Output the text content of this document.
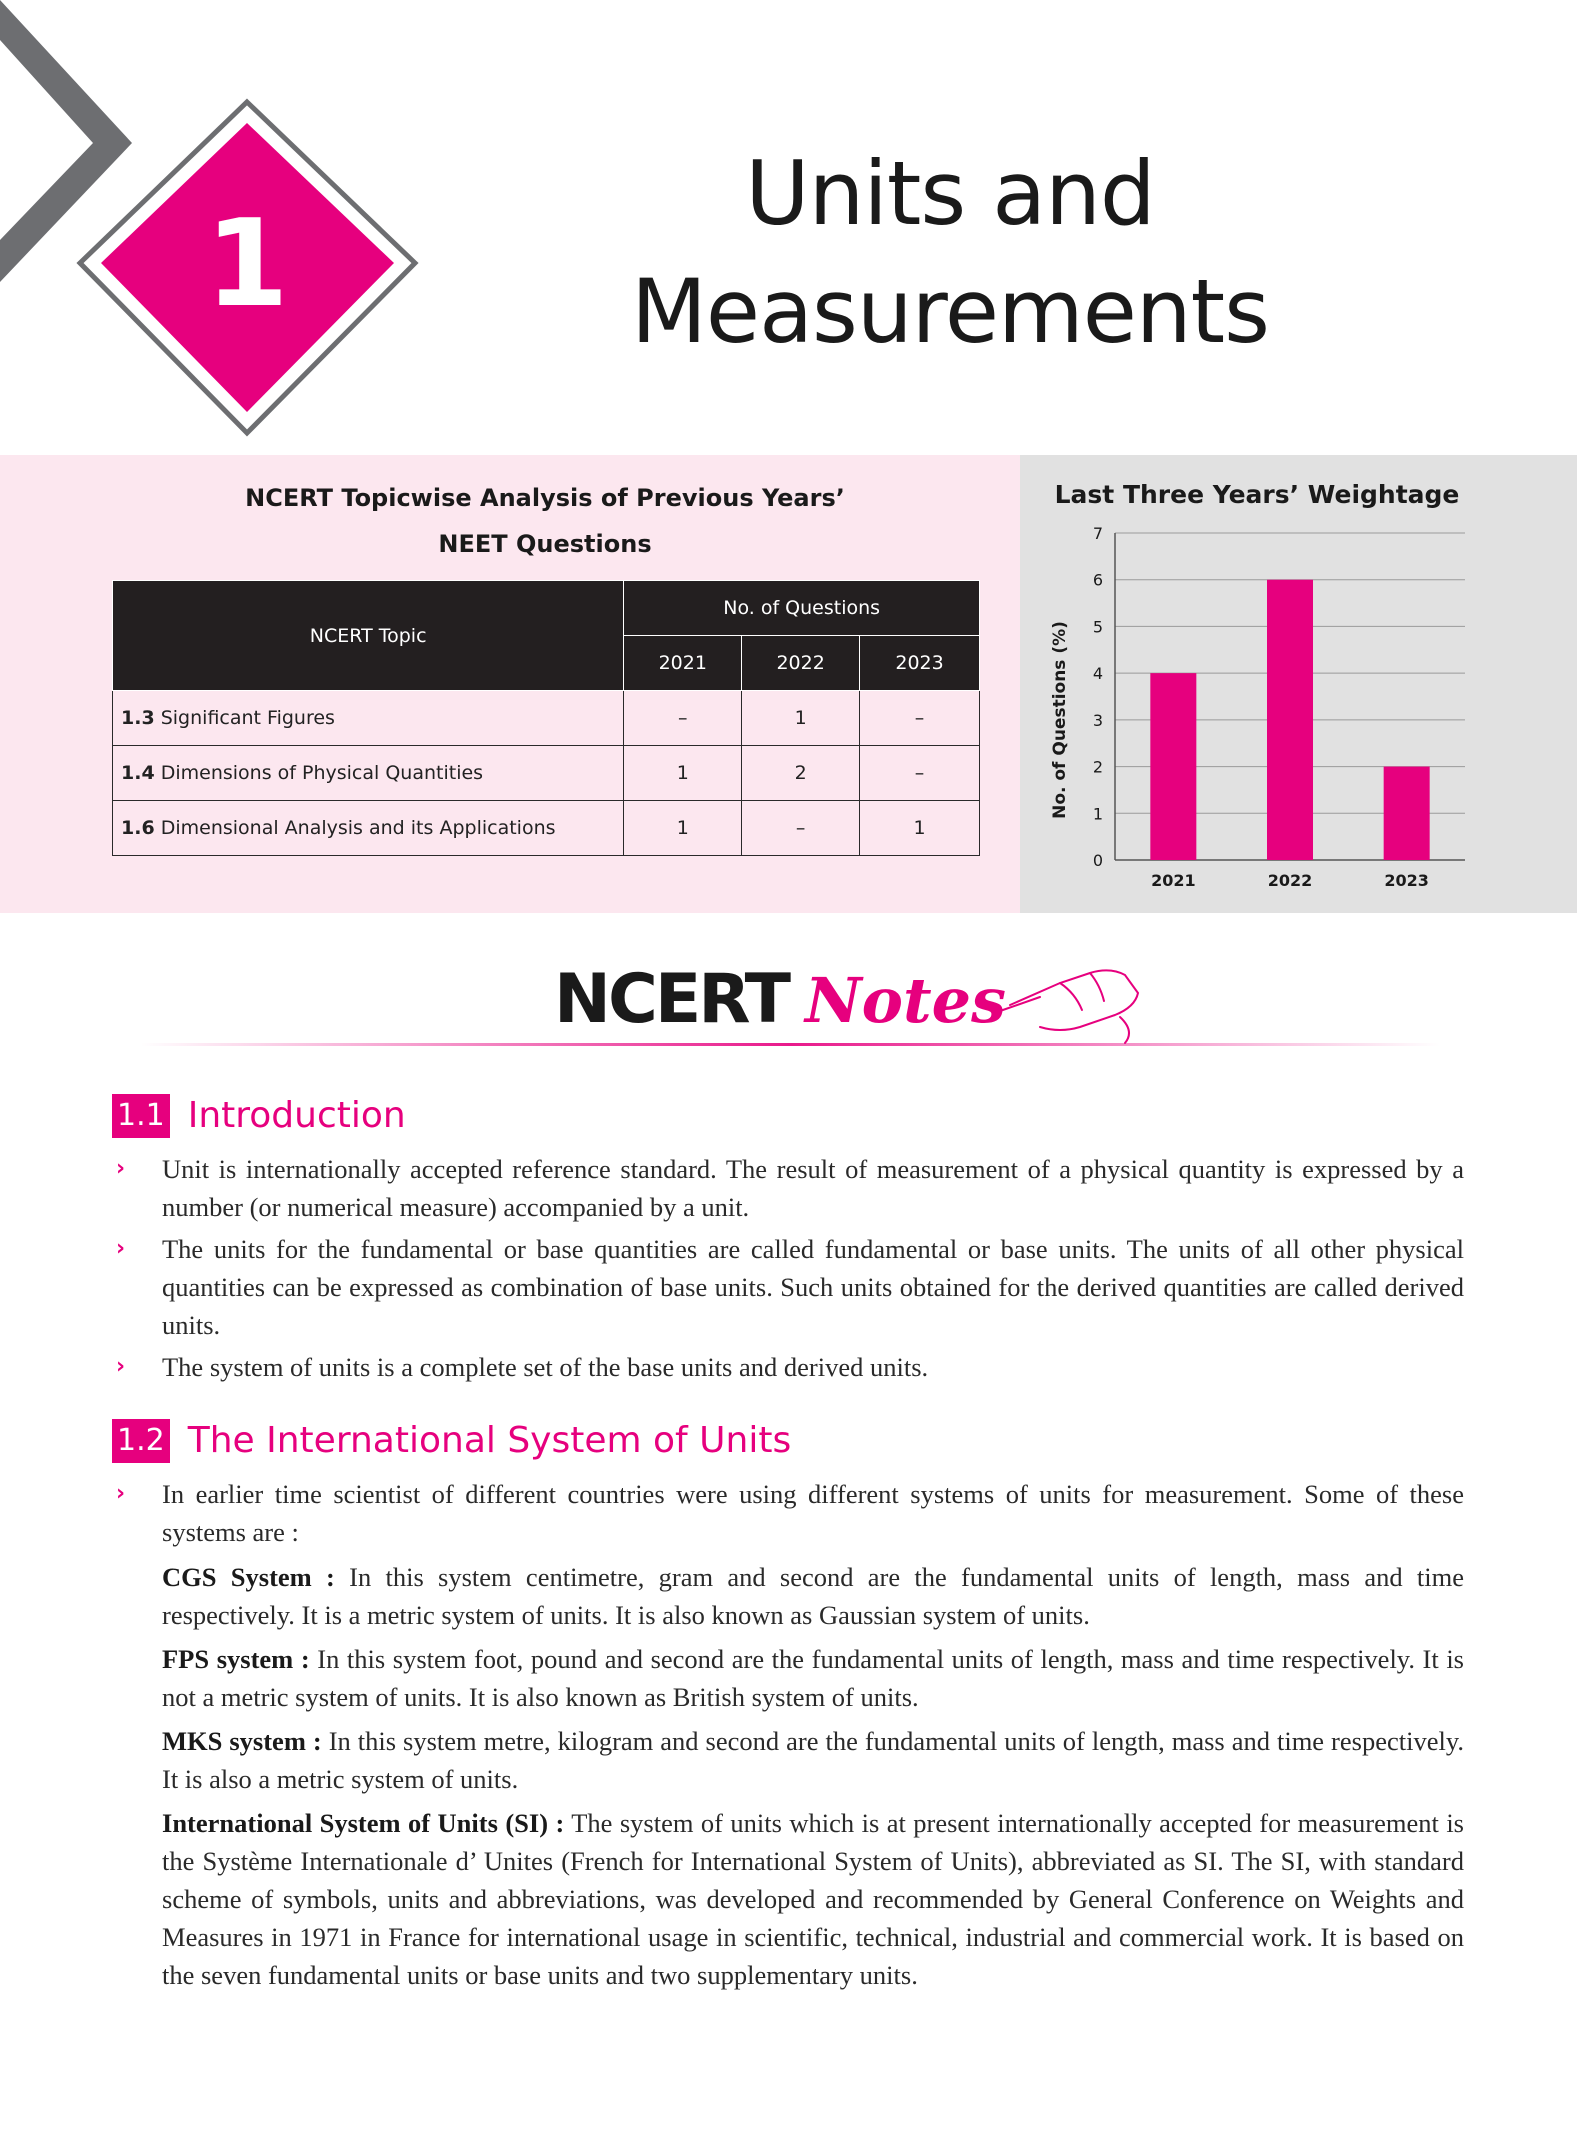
1
Units and
Measurements
NCERT Topicwise Analysis of Previous Years’
NEET Questions
NCERT Topic	No. of Questions		
	2021	2022	2023
1.3 Significant Figures	–	1	–
1.4 Dimensions of Physical Quantities	1	2	–
1.6 Dimensional Analysis and its Applications	1	–	1
Last Three Years’ Weightage
0
1
2
3
4
5
6
7
2021	2022	2023
No. of Questions (%)
NCERT Notes
1.1 Introduction
› Unit is internationally accepted reference standard. The result of measurement of a physical quantity is expressed by a number (or numerical measure) accompanied by a unit.
› The units for the fundamental or base quantities are called fundamental or base units. The units of all other physical quantities can be expressed as combination of base units. Such units obtained for the derived quantities are called derived units.
› The system of units is a complete set of the base units and derived units.
1.2 The International System of Units
› In earlier time scientist of different countries were using different systems of units for measurement. Some of these systems are :

CGS System : In this system centimetre, gram and second are the fundamental units of length, mass and time respectively. It is a metric system of units. It is also known as Gaussian system of units.

FPS system : In this system foot, pound and second are the fundamental units of length, mass and time respectively. It is not a metric system of units. It is also known as British system of units.

MKS system : In this system metre, kilogram and second are the fundamental units of length, mass and time respectively. It is also a metric system of units.

International System of Units (SI) : The system of units which is at present internationally accepted for measurement is the Système Internationale d’ Unites (French for International System of Units), abbreviated as SI. The SI, with standard scheme of symbols, units and abbreviations, was developed and recommended by General Conference on Weights and Measures in 1971 in France for international usage in scientific, technical, industrial and commercial work. It is based on the seven fundamental units or base units and two supplementary units.
